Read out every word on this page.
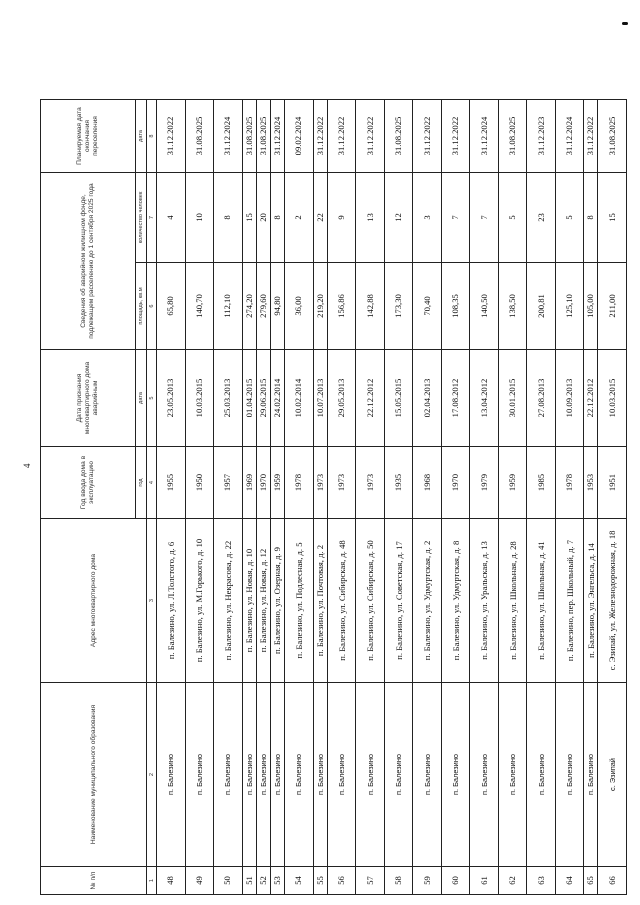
4
№ п/п	Наименование муниципального образования	Адрес многоквартирного дома	Год ввода дома в эксплуатацию	Дата признания многоквартирного дома аварийным	Сведения об аварийном жилищном фонде, подлежащем расселению до 1 сентября 2025 года		Планируемая дата окончания переселения
			год	дата	площадь, кв.м	количество человек	дата
1	2	3	4	5	6	7	8
48	п. Балезино	п. Балезино, ул. Л.Толстого, д. 6	1955	23.05.2013	65,80	4	31.12.2022
49	п. Балезино	п. Балезино, ул. М.Горького, д. 10	1950	10.03.2015	140,70	10	31.08.2025
50	п. Балезино	п. Балезино, ул. Некрасова, д. 22	1957	25.03.2013	112,10	8	31.12.2024
51	п. Балезино	п. Балезино, ул. Новая, д. 10	1969	01.04.2015	274,20	15	31.08.2025
52	п. Балезино	п. Балезино, ул. Новая, д. 12	1970	29.06.2015	279,60	20	31.08.2025
53	п. Балезино	п. Балезино, ул. Озерная, д. 9	1959	24.02.2014	94,80	8	31.12.2024
54	п. Балезино	п. Балезино, ул. Подлесная, д. 5	1978	10.02.2014	36,00	2	09.02.2024
55	п. Балезино	п. Балезино, ул. Почтовая, д. 2	1973	10.07.2013	219,20	22	31.12.2022
56	п. Балезино	п. Балезино, ул. Сибирская, д. 48	1973	29.05.2013	156,86	9	31.12.2022
57	п. Балезино	п. Балезино, ул. Сибирская, д. 50	1973	22.12.2012	142,88	13	31.12.2022
58	п. Балезино	п. Балезино, ул. Советская, д. 17	1935	15.05.2015	173,30	12	31.08.2025
59	п. Балезино	п. Балезино, ул. Удмуртская, д. 2	1968	02.04.2013	70,40	3	31.12.2022
60	п. Балезино	п. Балезино, ул. Удмуртская, д. 8	1970	17.08.2012	108,35	7	31.12.2022
61	п. Балезино	п. Балезино, ул. Уральская, д. 13	1979	13.04.2012	140,50	7	31.12.2024
62	п. Балезино	п. Балезино, ул. Школьная, д. 28	1959	30.01.2015	138,50	5	31.08.2025
63	п. Балезино	п. Балезино, ул. Школьная, д. 41	1985	27.08.2013	200,81	23	31.12.2023
64	п. Балезино	п. Балезино, пер. Школьный, д. 7	1978	10.09.2013	125,10	5	31.12.2024
65	п. Балезино	п. Балезино, ул. Энгельса, д. 14	1953	22.12.2012	105,00	8	31.12.2022
66	с. Эзипай	с. Эзипай, ул. Железнодорожная, д. 18	1951	10.03.2015	211,00	15	31.08.2025
